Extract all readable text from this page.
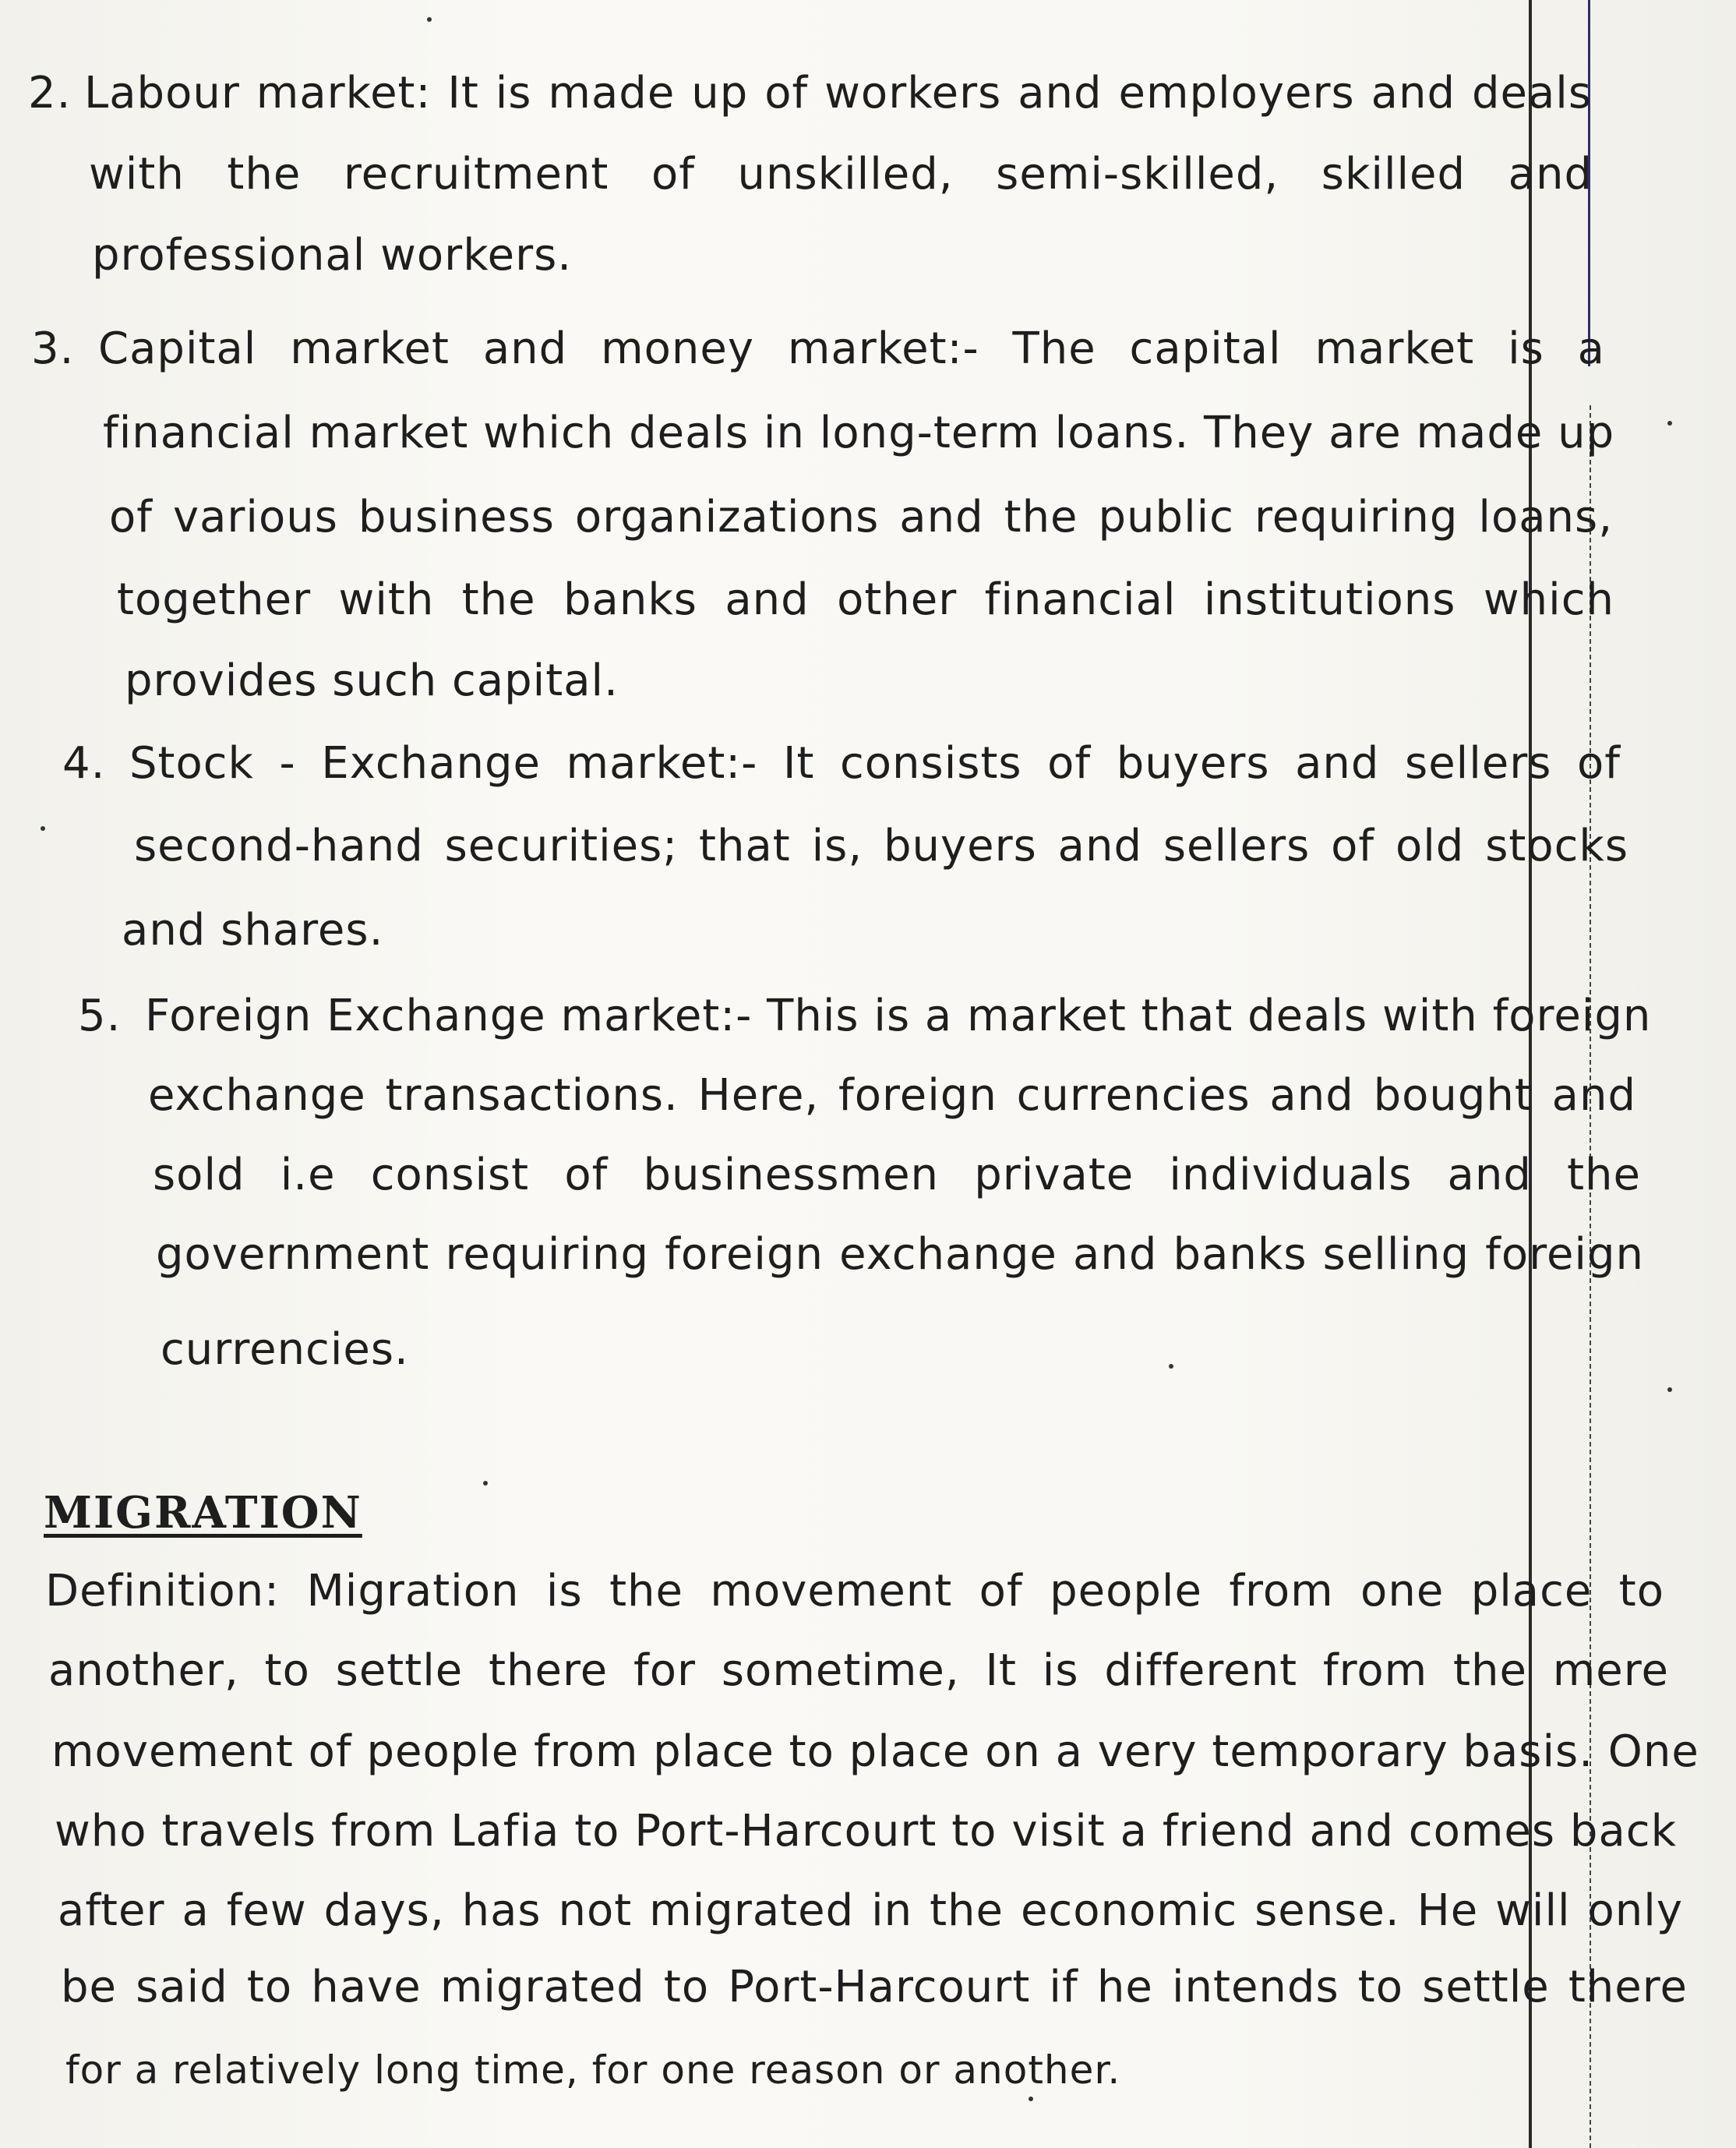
2. Labour market: It is made up of workers and employers and deals
with the recruitment of unskilled, semi-skilled, skilled and
professional workers.
3. Capital market and money market:- The capital market is a
financial market which deals in long-term loans. They are made up
of various business organizations and the public requiring loans,
together with the banks and other financial institutions which
provides such capital.
4. Stock - Exchange market:- It consists of buyers and sellers of
second-hand securities; that is, buyers and sellers of old stocks
and shares.
5. Foreign Exchange market:- This is a market that deals with foreign
exchange transactions. Here, foreign currencies and bought and
sold i.e consist of businessmen private individuals and the
government requiring foreign exchange and banks selling foreign
currencies.
MIGRATION
Definition: Migration is the movement of people from one place to
another, to settle there for sometime, It is different from the mere
movement of people from place to place on a very temporary basis. One
who travels from Lafia to Port-Harcourt to visit a friend and comes back
after a few days, has not migrated in the economic sense. He will only
be said to have migrated to Port-Harcourt if he intends to settle there
for a relatively long time, for one reason or another.
